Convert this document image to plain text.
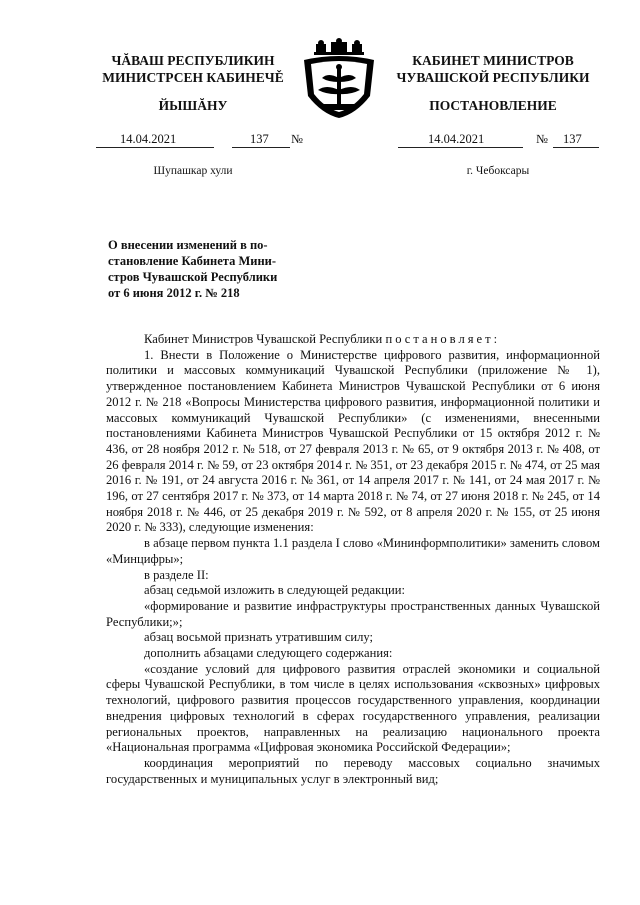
ЧĂВАШ РЕСПУБЛИКИН
МИНИСТРСЕН КАБИНЕЧĚ
ЙЫШĂНУ
КАБИНЕТ МИНИСТРОВ
ЧУВАШСКОЙ РЕСПУБЛИКИ
ПОСТАНОВЛЕНИЕ
14.04.2021	137 №	14.04.2021	№ 137
Шупашкар хули	г. Чебоксары
О внесении изменений в по-
становление Кабинета Мини-
стров Чувашской Республики
от 6 июня 2012 г. № 218

Кабинет Министров Чувашской Республики постановляет:

1. Внести в Положение о Министерстве цифрового развития, информационной политики и массовых коммуникаций Чувашской Республики (приложение № 1), утвержденное постановлением Кабинета Министров Чувашской Республики от 6 июня 2012 г. № 218 «Вопросы Министерства цифрового развития, информационной политики и массовых коммуникаций Чувашской Республики» (с изменениями, внесенными постановлениями Кабинета Министров Чувашской Республики от 15 октября 2012 г. № 436, от 28 ноября 2012 г. № 518, от 27 февраля 2013 г. № 65, от 9 октября 2013 г. № 408, от 26 февраля 2014 г. № 59, от 23 октября 2014 г. № 351, от 23 декабря 2015 г. № 474, от 25 мая 2016 г. № 191, от 24 августа 2016 г. № 361, от 14 апреля 2017 г. № 141, от 24 мая 2017 г. № 196, от 27 сентября 2017 г. № 373, от 14 марта 2018 г. № 74, от 27 июня 2018 г. № 245, от 14 ноября 2018 г. № 446, от 25 декабря 2019 г. № 592, от 8 апреля 2020 г. № 155, от 25 июня 2020 г. № 333), следующие изменения:

в абзаце первом пункта 1.1 раздела I слово «Мининформполитики» заменить словом «Минцифры»;

в разделе II:

абзац седьмой изложить в следующей редакции:

«формирование и развитие инфраструктуры пространственных данных Чувашской Республики;»;

абзац восьмой признать утратившим силу;

дополнить абзацами следующего содержания:

«создание условий для цифрового развития отраслей экономики и социальной сферы Чувашской Республики, в том числе в целях использования «сквозных» цифровых технологий, цифрового развития процессов государственного управления, координации внедрения цифровых технологий в сферах государственного управления, реализации региональных проектов, направленных на реализацию национального проекта «Национальная программа «Цифровая экономика Российской Федерации»;

координация мероприятий по переводу массовых социально значимых государственных и муниципальных услуг в электронный вид;
